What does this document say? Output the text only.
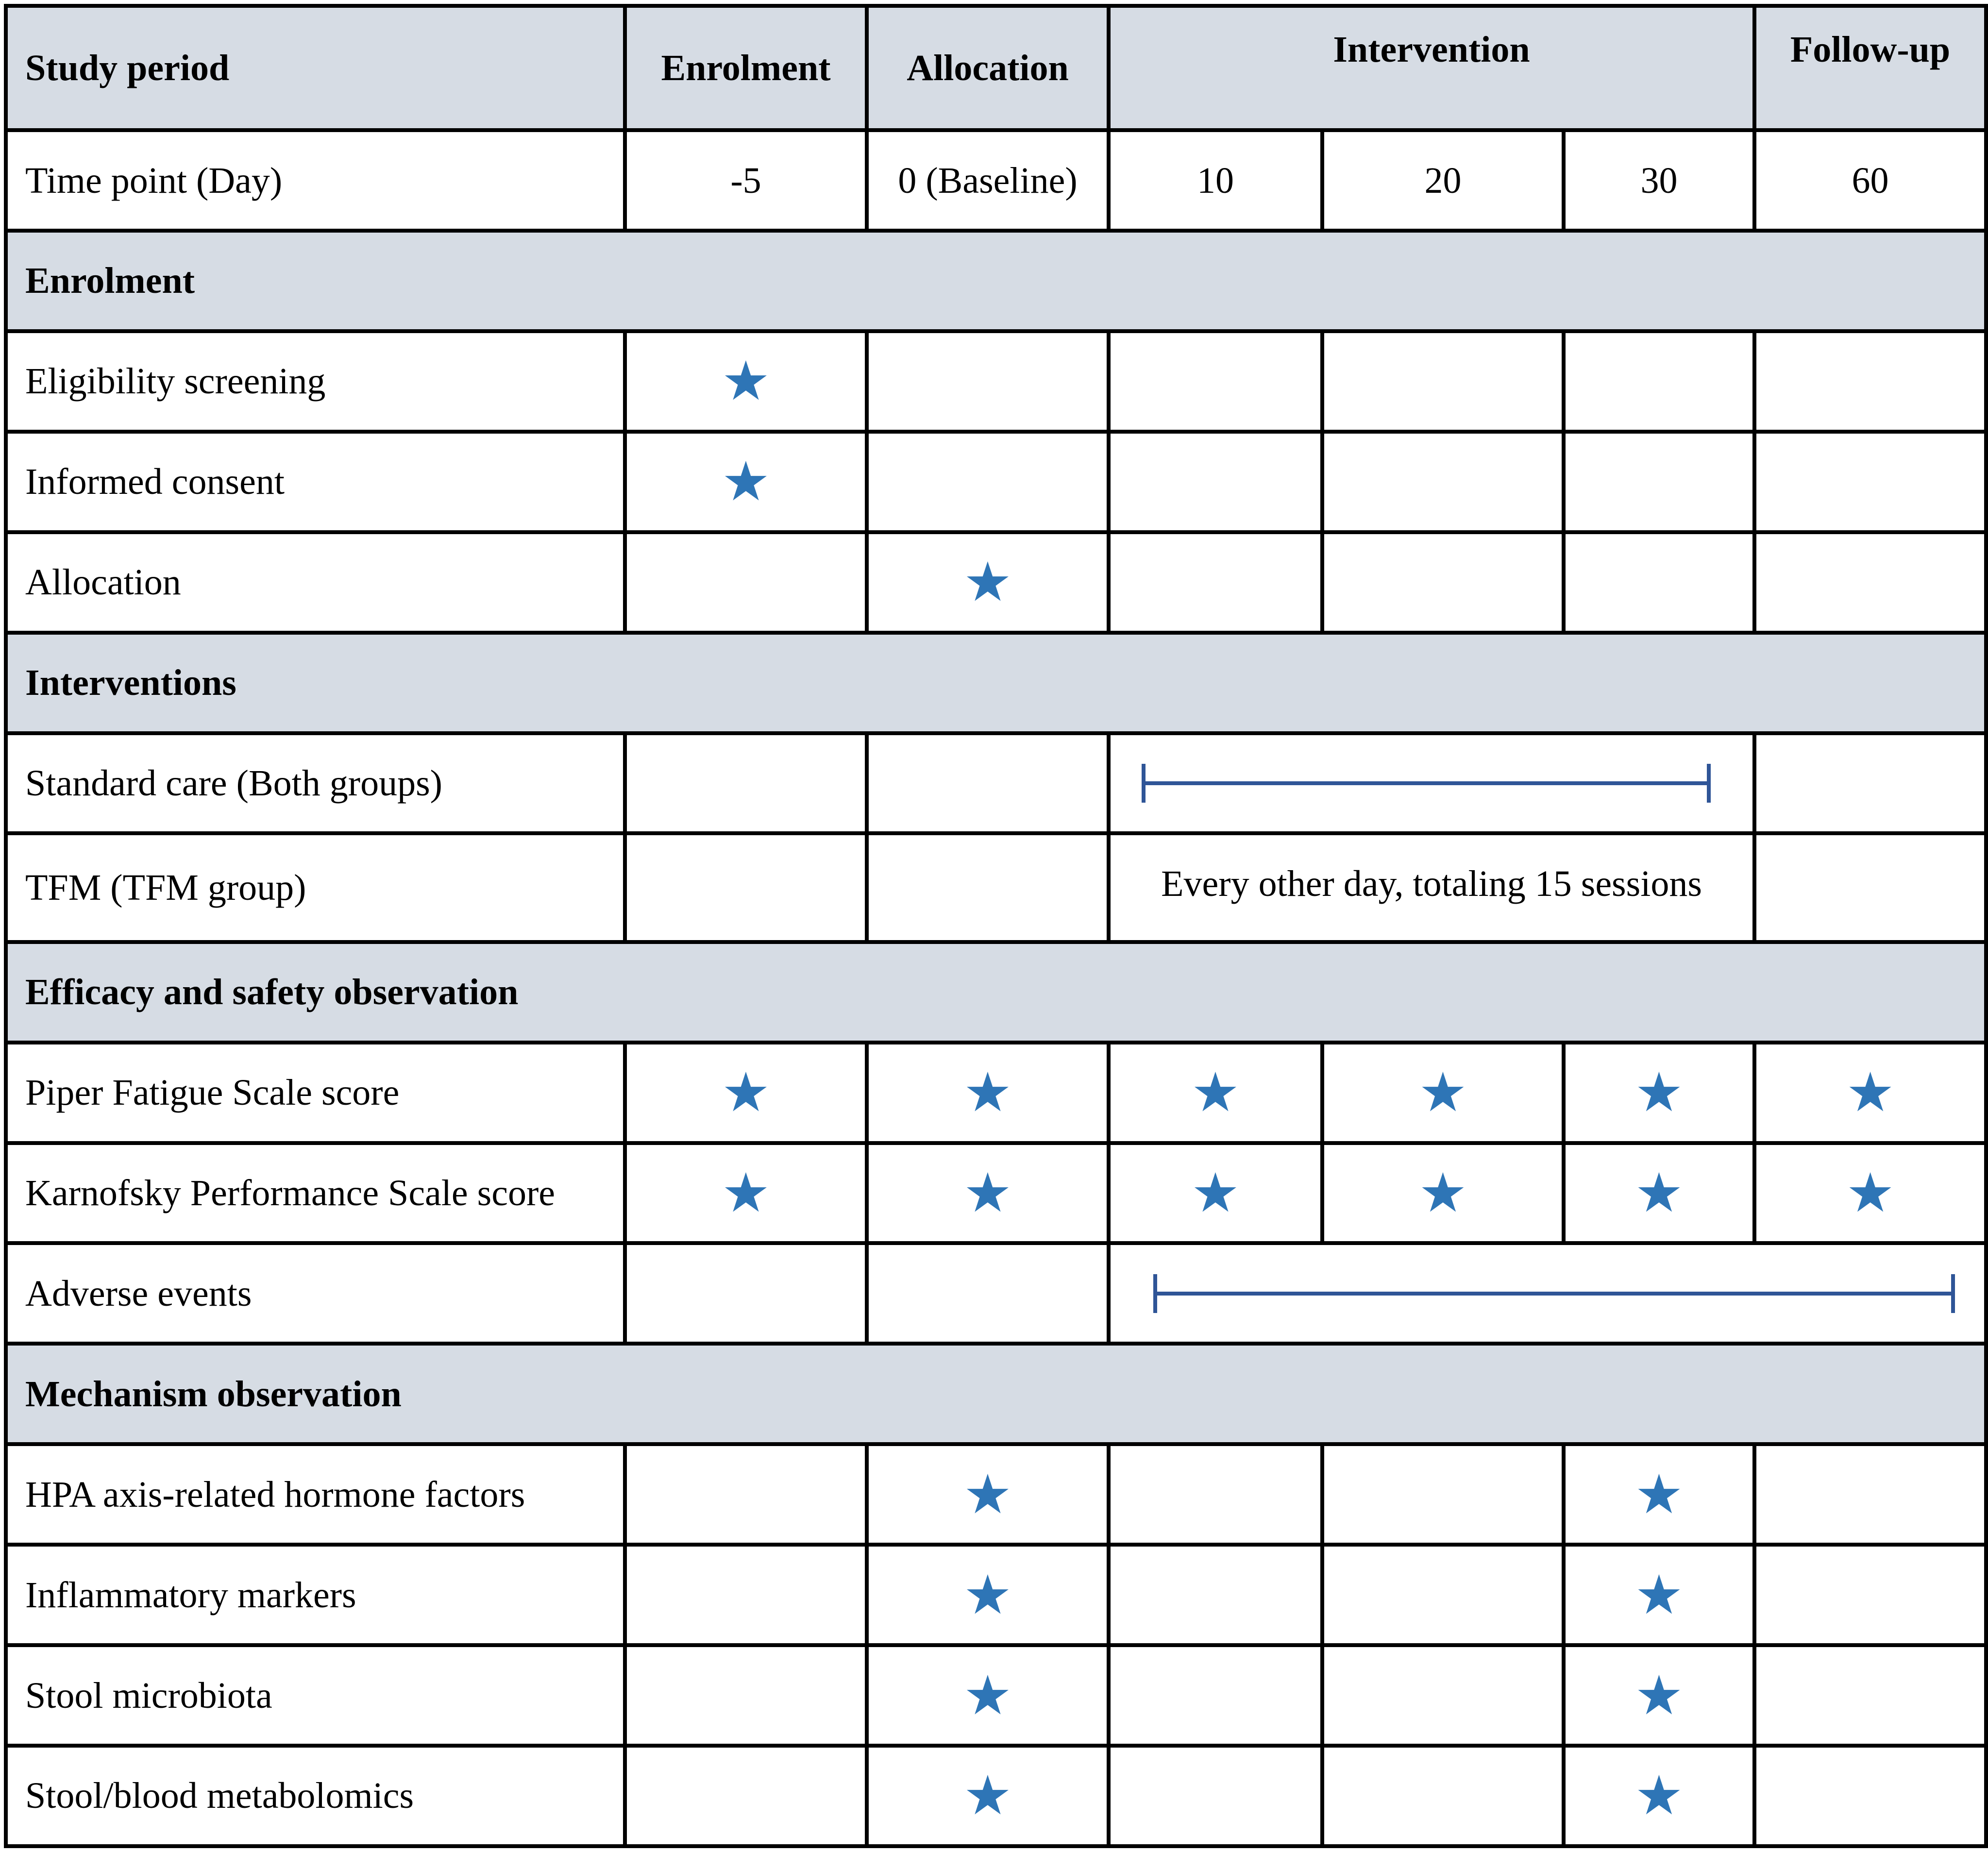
Study period	Enrolment	Allocation	Intervention			Follow-up
Time point (Day)	-5	0 (Baseline)	10	20	30	60
Enrolment						
Eligibility screening	★					
Informed consent	★					
Allocation		★				
Interventions						
Standard care (Both groups)					

TFM (TFM group)			Every other day, totaling 15 sessions			
Efficacy and safety observation						
Piper Fatigue Scale score	★	★	★	★	★	★
Karnofsky Performance Scale score	★	★	★	★	★	★
Adverse events						

Mechanism observation						
HPA axis-related hormone factors		★			★	
Inflammatory markers		★			★	
Stool microbiota		★			★	
Stool/blood metabolomics		★			★	
